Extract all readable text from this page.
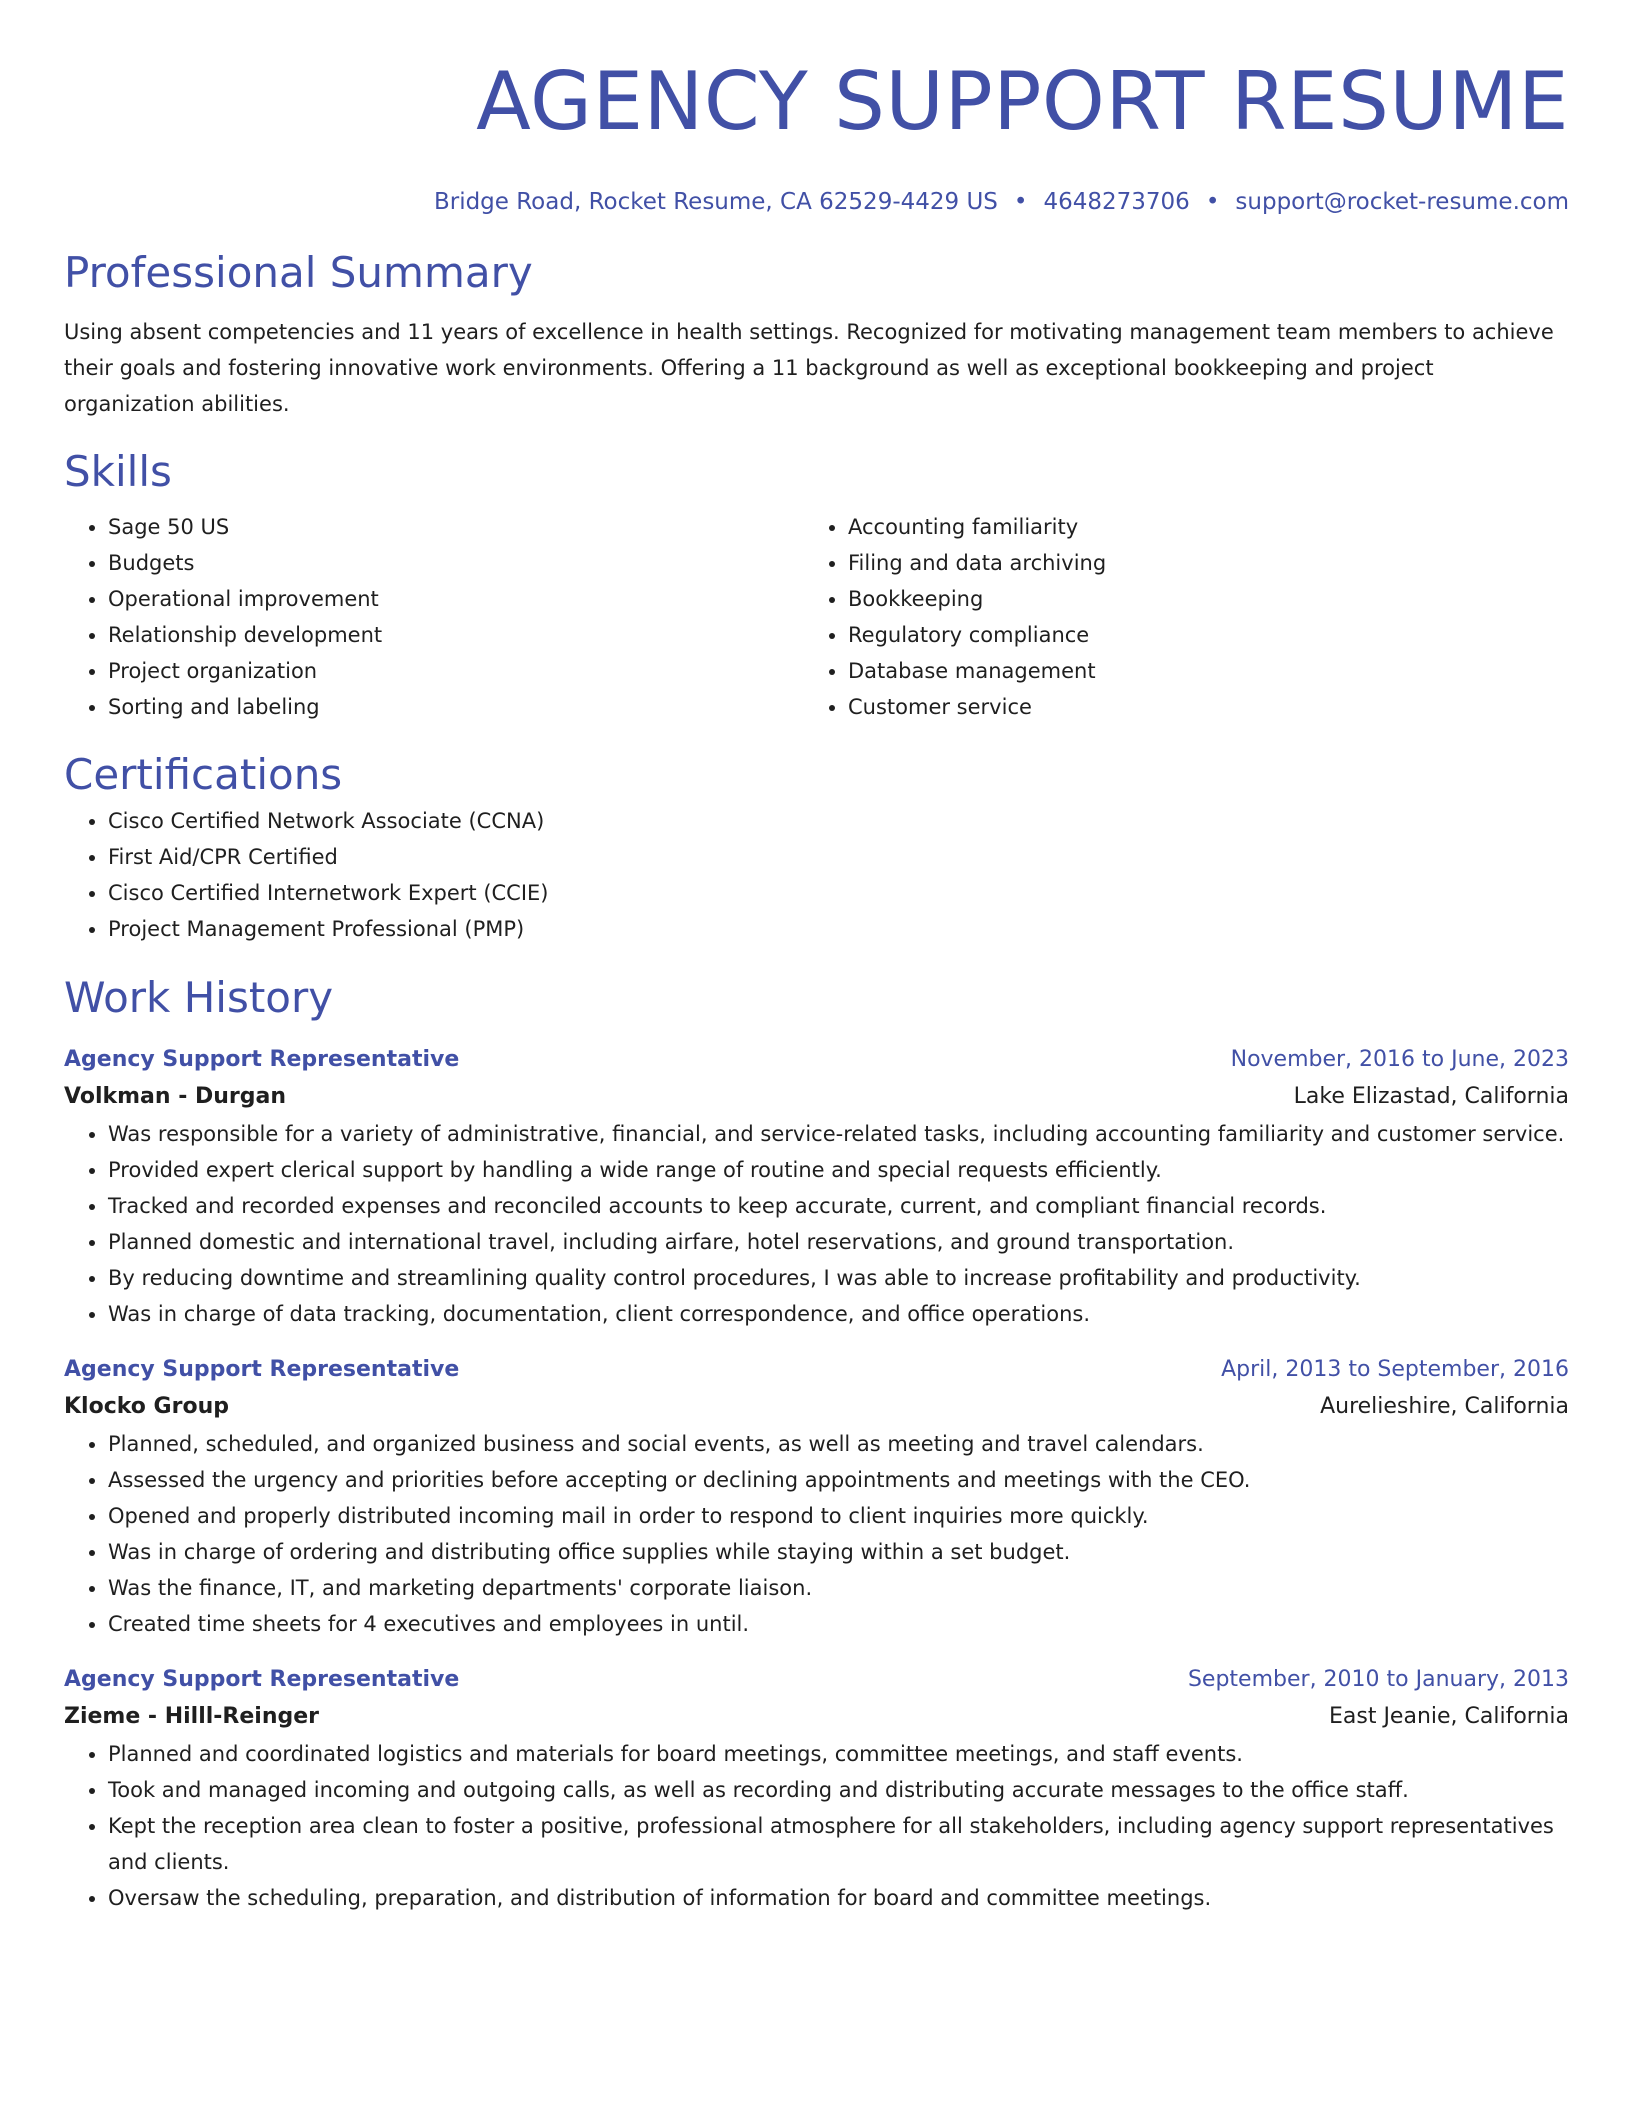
AGENCY SUPPORT RESUME
Bridge Road, Rocket Resume, CA 62529-4429 US • 4648273706 • support@rocket-resume.com
Professional Summary
Using absent competencies and 11 years of excellence in health settings. Recognized for motivating management team members to achieve their goals and fostering innovative work environments. Offering a 11 background as well as exceptional bookkeeping and project organization abilities.
Skills
• Sage 50 US
• Budgets
• Operational improvement
• Relationship development
• Project organization
• Sorting and labeling
• Accounting familiarity
• Filing and data archiving
• Bookkeeping
• Regulatory compliance
• Database management
• Customer service
Certifications
• Cisco Certified Network Associate (CCNA)
• First Aid/CPR Certified
• Cisco Certified Internetwork Expert (CCIE)
• Project Management Professional (PMP)
Work History
Agency Support Representative	November, 2016 to June, 2023
Volkman - Durgan	Lake Elizastad, California
• Was responsible for a variety of administrative, financial, and service-related tasks, including accounting familiarity and customer service.
• Provided expert clerical support by handling a wide range of routine and special requests efficiently.
• Tracked and recorded expenses and reconciled accounts to keep accurate, current, and compliant financial records.
• Planned domestic and international travel, including airfare, hotel reservations, and ground transportation.
• By reducing downtime and streamlining quality control procedures, I was able to increase profitability and productivity.
• Was in charge of data tracking, documentation, client correspondence, and office operations.
Agency Support Representative	April, 2013 to September, 2016
Klocko Group	Aurelieshire, California
• Planned, scheduled, and organized business and social events, as well as meeting and travel calendars.
• Assessed the urgency and priorities before accepting or declining appointments and meetings with the CEO.
• Opened and properly distributed incoming mail in order to respond to client inquiries more quickly.
• Was in charge of ordering and distributing office supplies while staying within a set budget.
• Was the finance, IT, and marketing departments' corporate liaison.
• Created time sheets for 4 executives and employees in until.
Agency Support Representative	September, 2010 to January, 2013
Zieme - Hilll-Reinger	East Jeanie, California
• Planned and coordinated logistics and materials for board meetings, committee meetings, and staff events.
• Took and managed incoming and outgoing calls, as well as recording and distributing accurate messages to the office staff.
• Kept the reception area clean to foster a positive, professional atmosphere for all stakeholders, including agency support representatives and clients.
• Oversaw the scheduling, preparation, and distribution of information for board and committee meetings.
